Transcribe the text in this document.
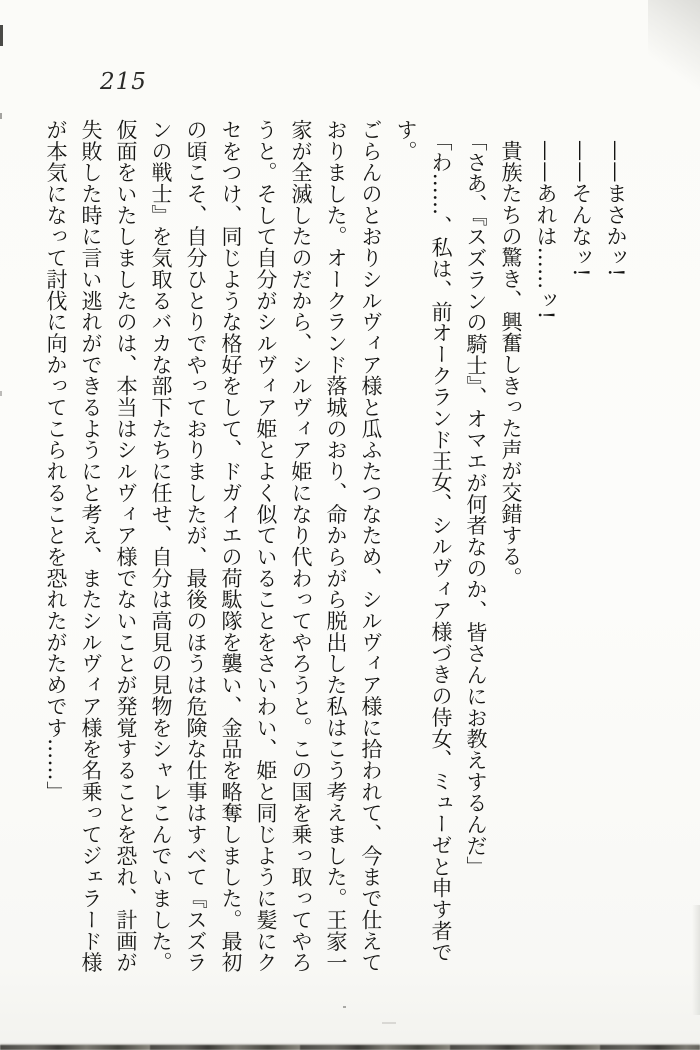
215

——まさかッ!

——そんなッ!

——あれは……ッ!

貴族たちの驚き、興奮しきった声が交錯する。

「さあ、『スズランの騎士』、オマエが何者なのか、皆さんにお教えするんだ」

「わ……、私は、前オークランド王女、シルヴィア様づきの侍女、ミューゼと申す者です。

ごらんのとおりシルヴィア様と瓜ふたつなため、シルヴィア様に拾われて、今まで仕えて

おりました。オークランド落城のおり、命からがら脱出した私はこう考えました。王家一

家が全滅したのだから、シルヴィア姫になり代わってやろうと。この国を乗っ取ってやろ

うと。そして自分がシルヴィア姫とよく似ていることをさいわい、姫と同じように髪にク

セをつけ、同じような格好をして、ドガイエの荷駄隊を襲い、金品を略奪しました。最初

の頃こそ、自分ひとりでやっておりましたが、最後のほうは危険な仕事はすべて『スズラ

ンの戦士』を気取るバカな部下たちに任せ、自分は高見の見物をシャレこんでいました。

仮面をいたしましたのは、本当はシルヴィア様でないことが発覚することを恐れ、計画が

失敗した時に言い逃れができるようにと考え、またシルヴィア様を名乗ってジェラード様

が本気になって討伐に向かってこられることを恐れたがためです……」
